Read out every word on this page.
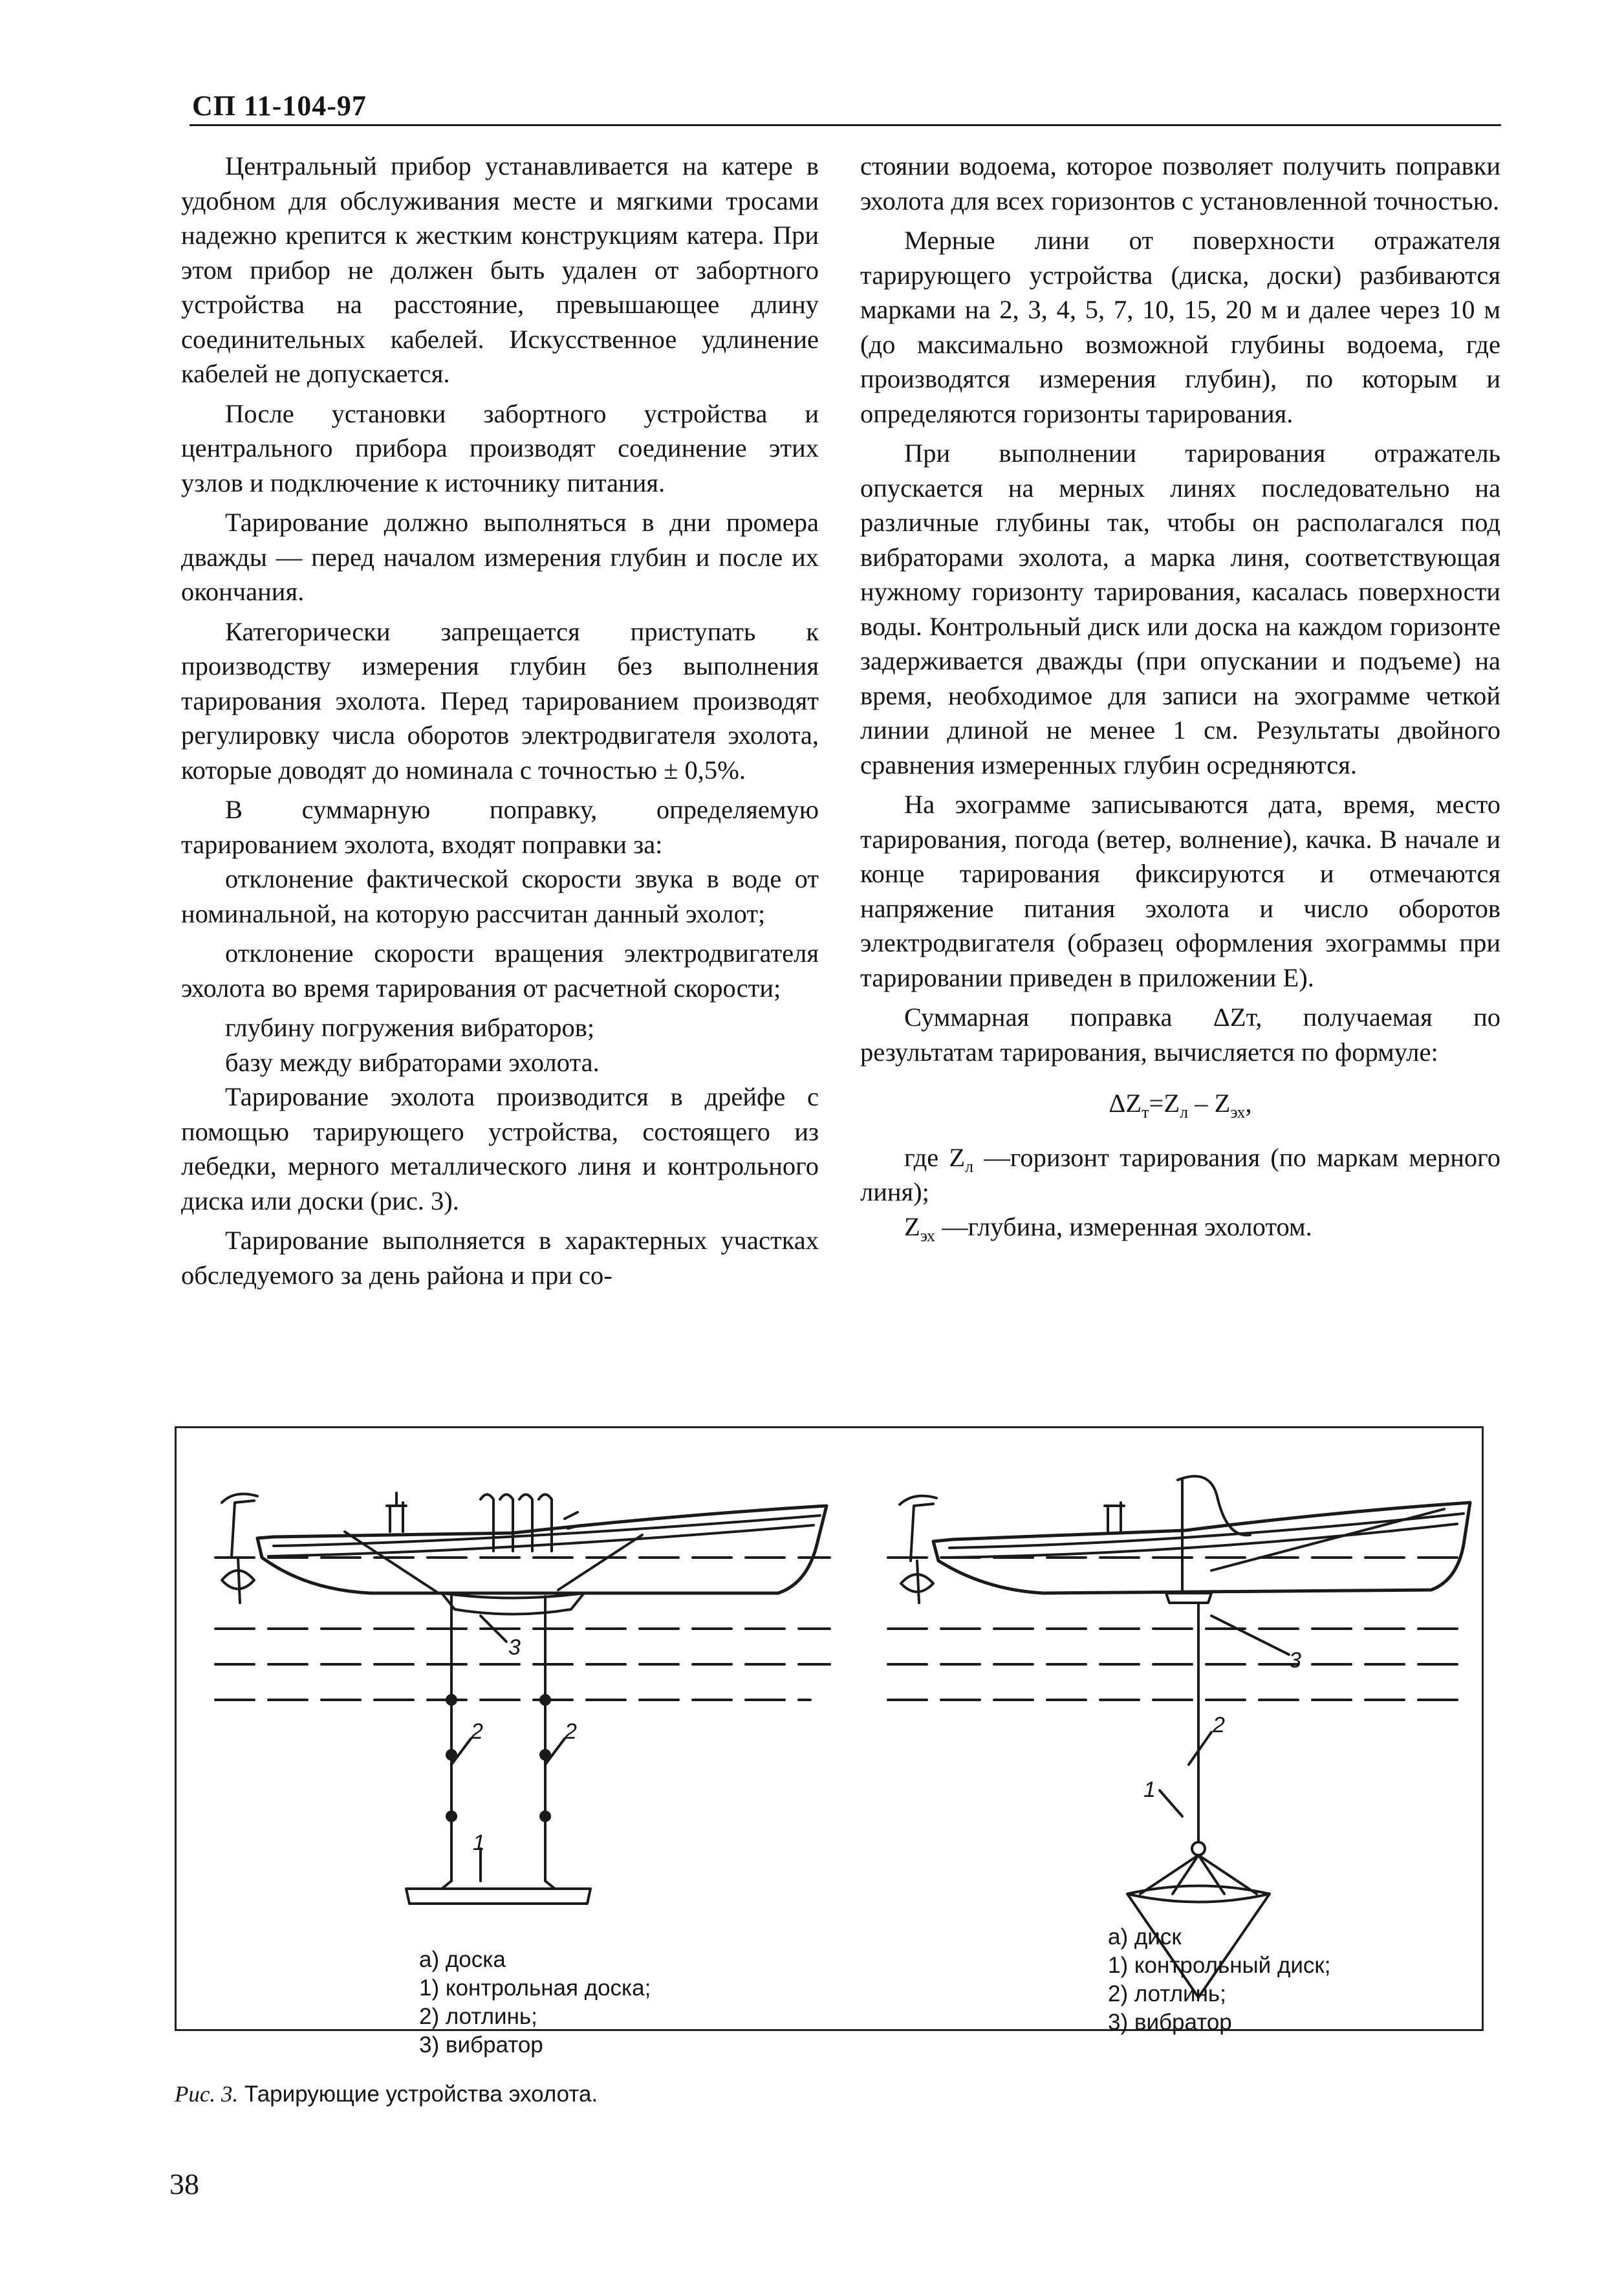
СП 11-104-97

Центральный прибор устанавливается на катере в удобном для обслуживания месте и мягкими тросами надежно крепится к жестким конструкциям катера. При этом прибор не должен быть удален от забортного устройства на расстояние, превышающее длину соединительных кабелей. Искусственное удлинение кабелей не допускается.

После установки забортного устройства и центрального прибора производят соединение этих узлов и подключение к источнику питания.

Тарирование должно выполняться в дни промера дважды — перед началом измерения глубин и после их окончания.

Категорически запрещается приступать к производству измерения глубин без выполнения тарирования эхолота. Перед тарированием производят регулировку числа оборотов электродвигателя эхолота, которые доводят до номинала с точностью ± 0,5%.

В суммарную поправку, определяемую тарированием эхолота, входят поправки за:

отклонение фактической скорости звука в воде от номинальной, на которую рассчитан данный эхолот;

отклонение скорости вращения электродвигателя эхолота во время тарирования от расчетной скорости;

глубину погружения вибраторов;

базу между вибраторами эхолота.

Тарирование эхолота производится в дрейфе с помощью тарирующего устройства, состоящего из лебедки, мерного металлического линя и контрольного диска или доски (рис. 3).

Тарирование выполняется в характерных участках обследуемого за день района и при со-

стоянии водоема, которое позволяет получить поправки эхолота для всех горизонтов с установленной точностью.

Мерные лини от поверхности отражателя тарирующего устройства (диска, доски) разбиваются марками на 2, 3, 4, 5, 7, 10, 15, 20 м и далее через 10 м (до максимально возможной глубины водоема, где производятся измерения глубин), по которым и определяются горизонты тарирования.

При выполнении тарирования отражатель опускается на мерных линях последовательно на различные глубины так, чтобы он располагался под вибраторами эхолота, а марка линя, соответствующая нужному горизонту тарирования, касалась поверхности воды. Контрольный диск или доска на каждом горизонте задерживается дважды (при опускании и подъеме) на время, необходимое для записи на эхограмме четкой линии длиной не менее 1 см. Результаты двойного сравнения измеренных глубин осредняются.

На эхограмме записываются дата, время, место тарирования, погода (ветер, волнение), качка. В начале и конце тарирования фиксируются и отмечаются напряжение питания эхолота и число оборотов электродвигателя (образец оформления эхограммы при тарировании приведен в приложении Е).

Суммарная поправка ΔZт, получаемая по результатам тарирования, вычисляется по формуле:

$\Delta Z_т=Z_л - Z_{эх}$,

где $Z_л$ —горизонт тарирования (по маркам мерного линя);

$Z_{эх}$ —глубина, измеренная эхолотом.

3
2	2
1
3
2
1
а) доска
1) контрольная доска;
2) лотлинь;
3) вибратор
а) диск
1) контрольный диск;
2) лотлинь;
3) вибратор
Рис. 3. Тарирующие устройства эхолота.
38
